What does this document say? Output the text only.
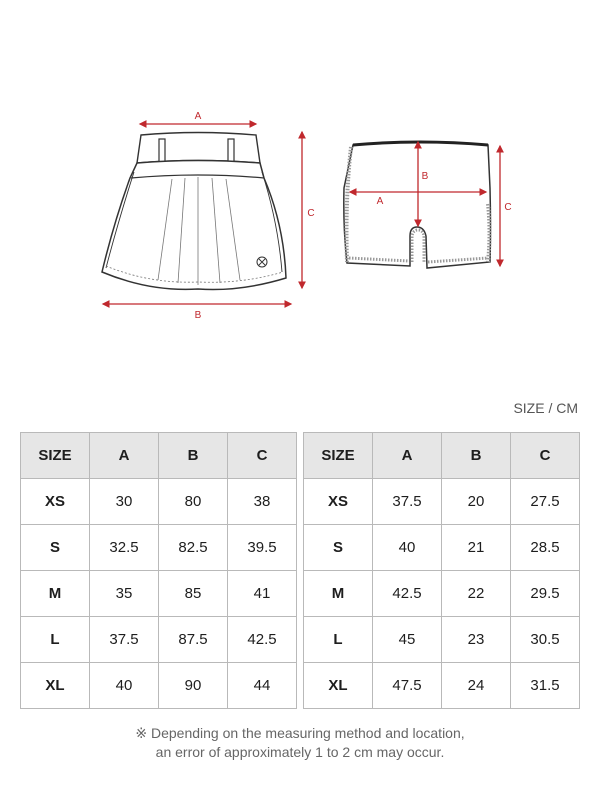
A
B
C
A
B
C
SIZE / CM
SIZE	A	B	C
XS	30	80	38
S	32.5	82.5	39.5
M	35	85	41
L	37.5	87.5	42.5
XL	40	90	44
SIZE	A	B	C
XS	37.5	20	27.5
S	40	21	28.5
M	42.5	22	29.5
L	45	23	30.5
XL	47.5	24	31.5
※ Depending on the measuring method and location,
an error of approximately 1 to 2 cm may occur.
